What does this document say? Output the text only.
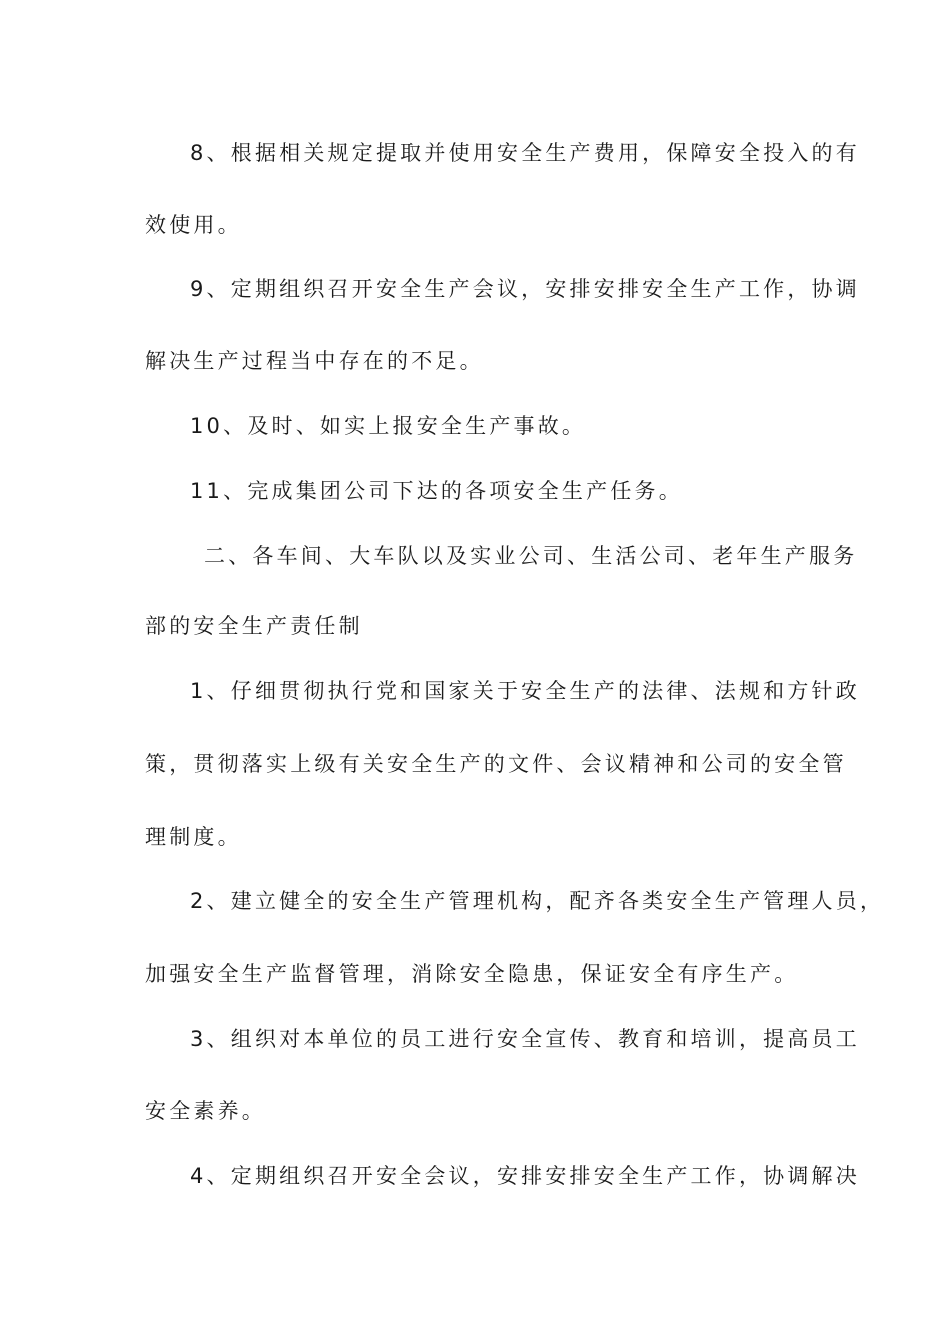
8、根据相关规定提取并使用安全生产费用，保障安全投入的有
效使用。
9、定期组织召开安全生产会议，安排安排安全生产工作，协调
解决生产过程当中存在的不足。
10、及时、如实上报安全生产事故。
11、完成集团公司下达的各项安全生产任务。
二、各车间、大车队以及实业公司、生活公司、老年生产服务
部的安全生产责任制
1、仔细贯彻执行党和国家关于安全生产的法律、法规和方针政
策，贯彻落实上级有关安全生产的文件、会议精神和公司的安全管
理制度。
2、建立健全的安全生产管理机构，配齐各类安全生产管理人员，
加强安全生产监督管理，消除安全隐患，保证安全有序生产。
3、组织对本单位的员工进行安全宣传、教育和培训，提高员工
安全素养。
4、定期组织召开安全会议，安排安排安全生产工作，协调解决
